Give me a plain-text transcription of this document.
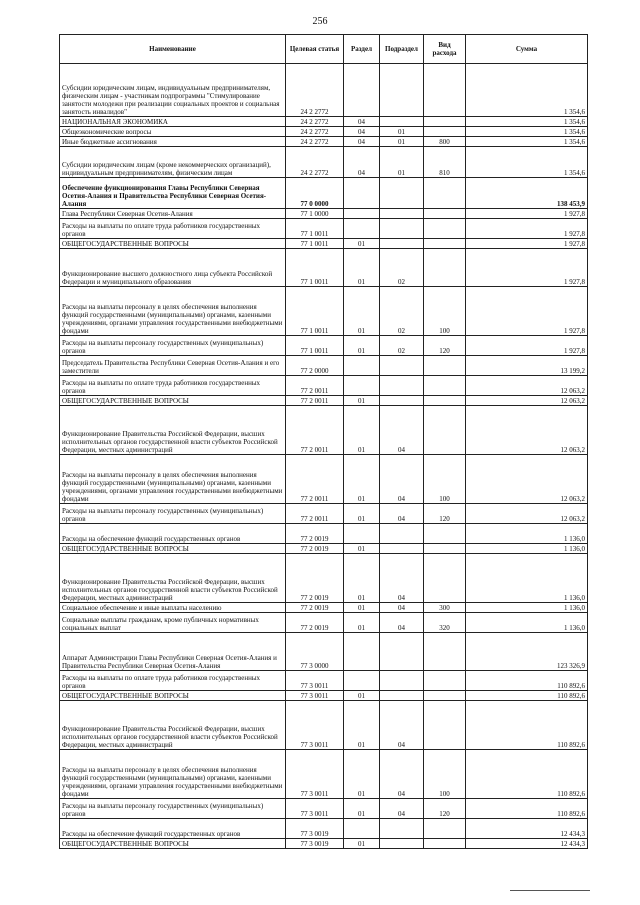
256
Наименование	Целевая статья	Раздел	Подраздел	Вид расхода	Сумма
Субсидии юридическим лицам, индивидуальным предпринимателям, физическим лицам - участникам подпрограммы "Стимулирование занятости молодежи при реализации социальных проектов и социальная занятость инвалидов"	24 2 2772				1 354,6
НАЦИОНАЛЬНАЯ ЭКОНОМИКА	24 2 2772	04			1 354,6
Общеэкономические вопросы	24 2 2772	04	01		1 354,6
Иные бюджетные ассигнования	24 2 2772	04	01	800	1 354,6
Субсидии юридическим лицам (кроме некоммерческих организаций), индивидуальным предпринимателям, физическим лицам	24 2 2772	04	01	810	1 354,6
Обеспечение функционирования Главы Республики Северная Осетия-Алания и Правительства Республики Северная Осетия-Алания	77 0 0000				138 453,9
Глава Республики Северная Осетия-Алания	77 1 0000				1 927,8
Расходы на выплаты по оплате труда работников государственных органов	77 1 0011				1 927,8
ОБЩЕГОСУДАРСТВЕННЫЕ ВОПРОСЫ	77 1 0011	01			1 927,8
Функционирование высшего должностного лица субъекта Российской Федерации и муниципального образования	77 1 0011	01	02		1 927,8
Расходы на выплаты персоналу в целях обеспечения выполнения функций государственными (муниципальными) органами, казенными учреждениями, органами управления государственными внебюджетными фондами	77 1 0011	01	02	100	1 927,8
Расходы на выплаты персоналу государственных (муниципальных) органов	77 1 0011	01	02	120	1 927,8
Председатель Правительства Республики Северная Осетия-Алания и его заместители	77 2 0000				13 199,2
Расходы на выплаты по оплате труда работников государственных органов	77 2 0011				12 063,2
ОБЩЕГОСУДАРСТВЕННЫЕ ВОПРОСЫ	77 2 0011	01			12 063,2
Функционирование Правительства Российской Федерации, высших исполнительных органов государственной власти субъектов Российской Федерации, местных администраций	77 2 0011	01	04		12 063,2
Расходы на выплаты персоналу в целях обеспечения выполнения функций государственными (муниципальными) органами, казенными учреждениями, органами управления государственными внебюджетными фондами	77 2 0011	01	04	100	12 063,2
Расходы на выплаты персоналу государственных (муниципальных) органов	77 2 0011	01	04	120	12 063,2
Расходы на обеспечение функций государственных органов	77 2 0019				1 136,0
ОБЩЕГОСУДАРСТВЕННЫЕ ВОПРОСЫ	77 2 0019	01			1 136,0
Функционирование Правительства Российской Федерации, высших исполнительных органов государственной власти субъектов Российской Федерации, местных администраций	77 2 0019	01	04		1 136,0
Социальное обеспечение и иные выплаты населению	77 2 0019	01	04	300	1 136,0
Социальные выплаты гражданам, кроме публичных нормативных социальных выплат	77 2 0019	01	04	320	1 136,0
Аппарат Администрации Главы Республики Северная Осетия-Алания и Правительства Республики Северная Осетия-Алания	77 3 0000				123 326,9
Расходы на выплаты по оплате труда работников государственных органов	77 3 0011				110 892,6
ОБЩЕГОСУДАРСТВЕННЫЕ ВОПРОСЫ	77 3 0011	01			110 892,6
Функционирование Правительства Российской Федерации, высших исполнительных органов государственной власти субъектов Российской Федерации, местных администраций	77 3 0011	01	04		110 892,6
Расходы на выплаты персоналу в целях обеспечения выполнения функций государственными (муниципальными) органами, казенными учреждениями, органами управления государственными внебюджетными фондами	77 3 0011	01	04	100	110 892,6
Расходы на выплаты персоналу государственных (муниципальных) органов	77 3 0011	01	04	120	110 892,6
Расходы на обеспечение функций государственных органов	77 3 0019				12 434,3
ОБЩЕГОСУДАРСТВЕННЫЕ ВОПРОСЫ	77 3 0019	01			12 434,3
